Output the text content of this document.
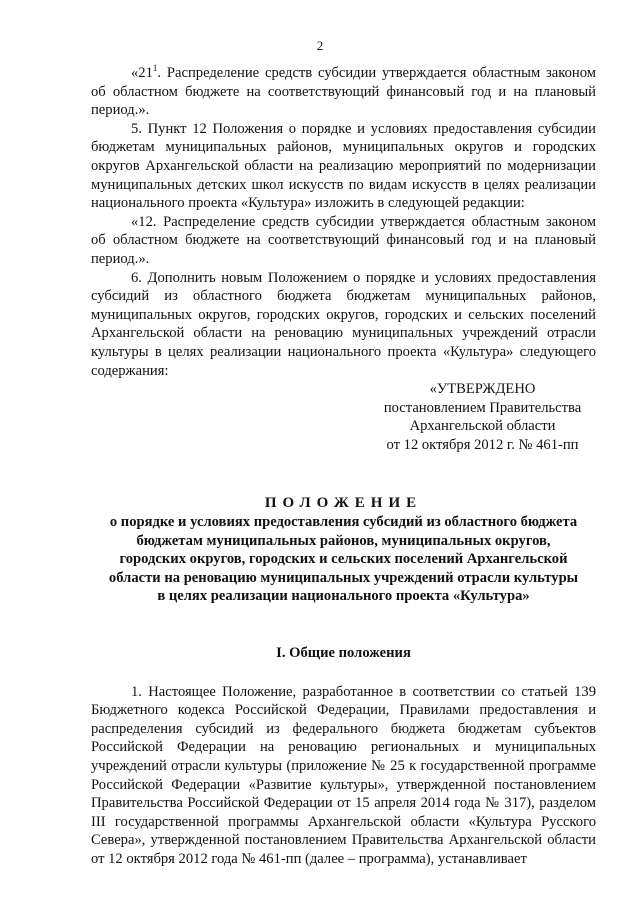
2

«$21^1$. Распределение средств субсидии утверждается областным законом об областном бюджете на соответствующий финансовый год и на плановый период.».

5. Пункт 12 Положения о порядке и условиях предоставления субсидии бюджетам муниципальных районов, муниципальных округов и городских округов Архангельской области на реализацию мероприятий по модернизации муниципальных детских школ искусств по видам искусств в целях реализации национального проекта «Культура» изложить в следующей редакции:

«12. Распределение средств субсидии утверждается областным законом об областном бюджете на соответствующий финансовый год и на плановый период.».

6. Дополнить новым Положением о порядке и условиях предоставления субсидий из областного бюджета бюджетам муниципальных районов, муниципальных округов, городских округов, городских и сельских поселений Архангельской области на реновацию муниципальных учреждений отрасли культуры в целях реализации национального проекта «Культура» следующего содержания:

«УТВЕРЖДЕНО
постановлением Правительства
Архангельской области
от 12 октября 2012 г. № 461-пп
ПОЛОЖЕНИЕ
о порядке и условиях предоставления субсидий из областного бюджета бюджетам муниципальных районов, муниципальных округов, городских округов, городских и сельских поселений Архангельской области на реновацию муниципальных учреждений отрасли культуры в целях реализации национального проекта «Культура»
I. Общие положения

1. Настоящее Положение, разработанное в соответствии со статьей 139 Бюджетного кодекса Российской Федерации, Правилами предоставления и распределения субсидий из федерального бюджета бюджетам субъектов Российской Федерации на реновацию региональных и муниципальных учреждений отрасли культуры (приложение № 25 к государственной программе Российской Федерации «Развитие культуры», утвержденной постановлением Правительства Российской Федерации от 15 апреля 2014 года № 317), разделом III государственной программы Архангельской области «Культура Русского Севера», утвержденной постановлением Правительства Архангельской области от 12 октября 2012 года № 461-пп (далее – программа), устанавливает
